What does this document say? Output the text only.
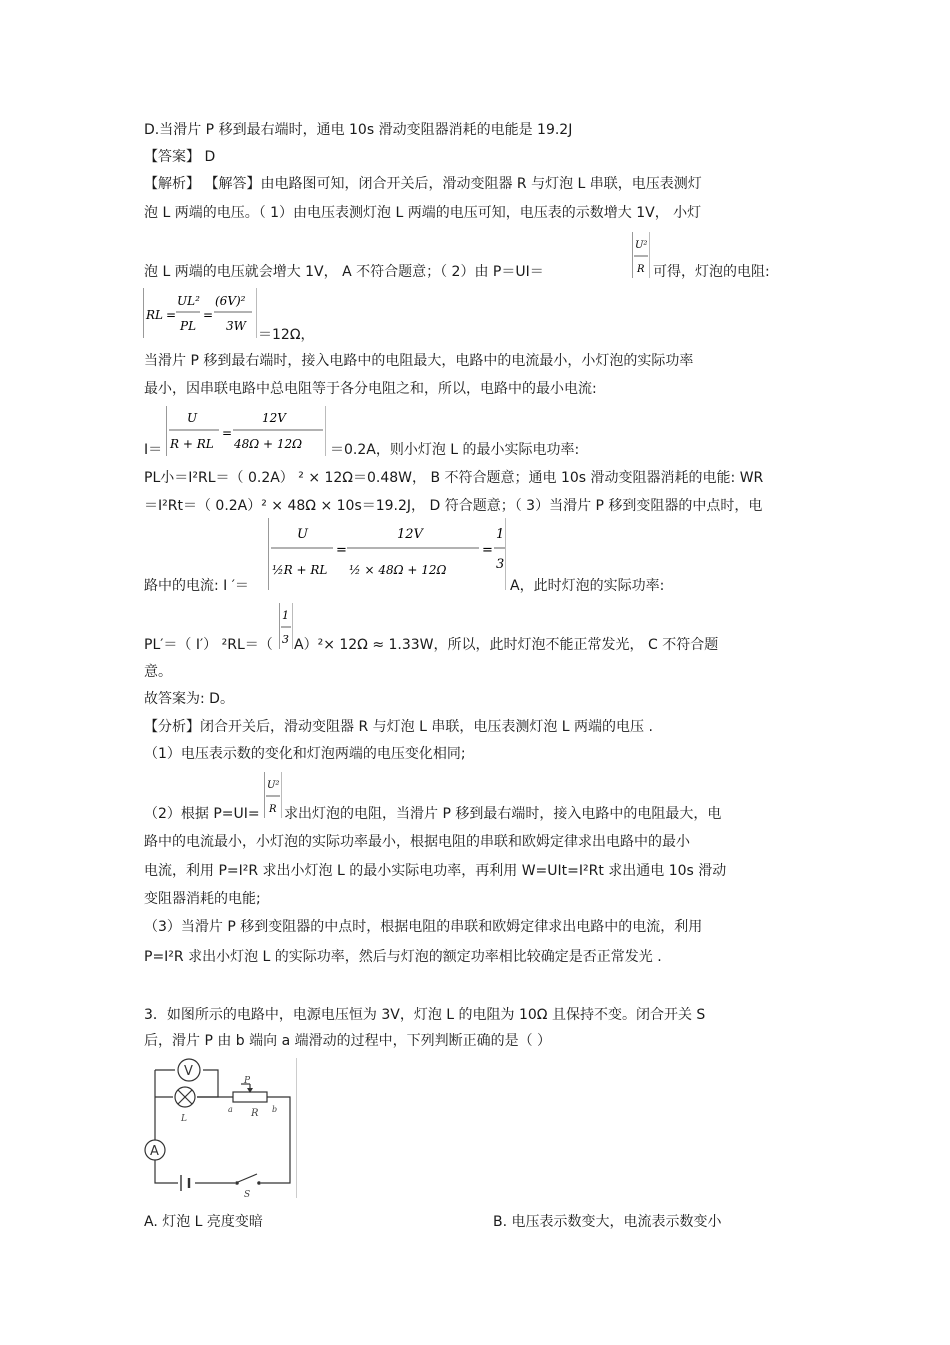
D.当滑片 P 移到最右端时，通电 10s 滑动变阻器消耗的电能是 19.2J
【答案】 D
【解析】 【解答】由电路图可知，闭合开关后，滑动变阻器 R 与灯泡 L 串联，电压表测灯
泡 L 两端的电压。（ 1）由电压表测灯泡 L 两端的电压可知，电压表的示数增大 1V， 小灯
泡 L 两端的电压就会增大 1V， A 不符合题意；（ 2）由 P＝UI＝
U²
R 可得，灯泡的电阻:
RL =
UL²
PL
=
(6V)²
3W
＝12Ω，
当滑片 P 移到最右端时，接入电路中的电阻最大，电路中的电流最小，小灯泡的实际功率
最小，因串联电路中总电阻等于各分电阻之和，所以，电路中的最小电流:
I＝
U
R + RL
=
12V
48Ω + 12Ω ＝0.2A，则小灯泡 L 的最小实际电功率:
PL小＝I²RL＝（ 0.2A） ² × 12Ω＝0.48W， B 不符合题意；通电 10s 滑动变阻器消耗的电能: WR
＝I²Rt＝（ 0.2A）² × 48Ω × 10s＝19.2J， D 符合题意；（ 3）当滑片 P 移到变阻器的中点时，电
路中的电流: I ′＝
U
½R + RL
=
12V
½ × 48Ω + 12Ω
=
1
3
A，此时灯泡的实际功率:
PL′＝（ I′） ²RL＝（
1
3 A）²× 12Ω ≈ 1.33W，所以，此时灯泡不能正常发光， C 不符合题
意。
故答案为: D。
【分析】闭合开关后，滑动变阻器 R 与灯泡 L 串联，电压表测灯泡 L 两端的电压 .
（1）电压表示数的变化和灯泡两端的电压变化相同;
（2）根据 P=UI=
U²
R 求出灯泡的电阻，当滑片 P 移到最右端时，接入电路中的电阻最大，电
路中的电流最小，小灯泡的实际功率最小，根据电阻的串联和欧姆定律求出电路中的最小
电流，利用 P=I²R 求出小灯泡 L 的最小实际电功率，再利用 W=UIt=I²Rt 求出通电 10s 滑动
变阻器消耗的电能;
（3）当滑片 P 移到变阻器的中点时，根据电阻的串联和欧姆定律求出电路中的电流，利用
P=I²R 求出小灯泡 L 的实际功率，然后与灯泡的额定功率相比较确定是否正常发光 .
3．如图所示的电路中，电源电压恒为 3V，灯泡 L 的电阻为 10Ω 且保持不变。闭合开关 S
后，滑片 P 由 b 端向 a 端滑动的过程中，下列判断正确的是（ ）
V
L
P
R
a	b
A
S
A. 灯泡 L 亮度变暗	B. 电压表示数变大，电流表示数变小
